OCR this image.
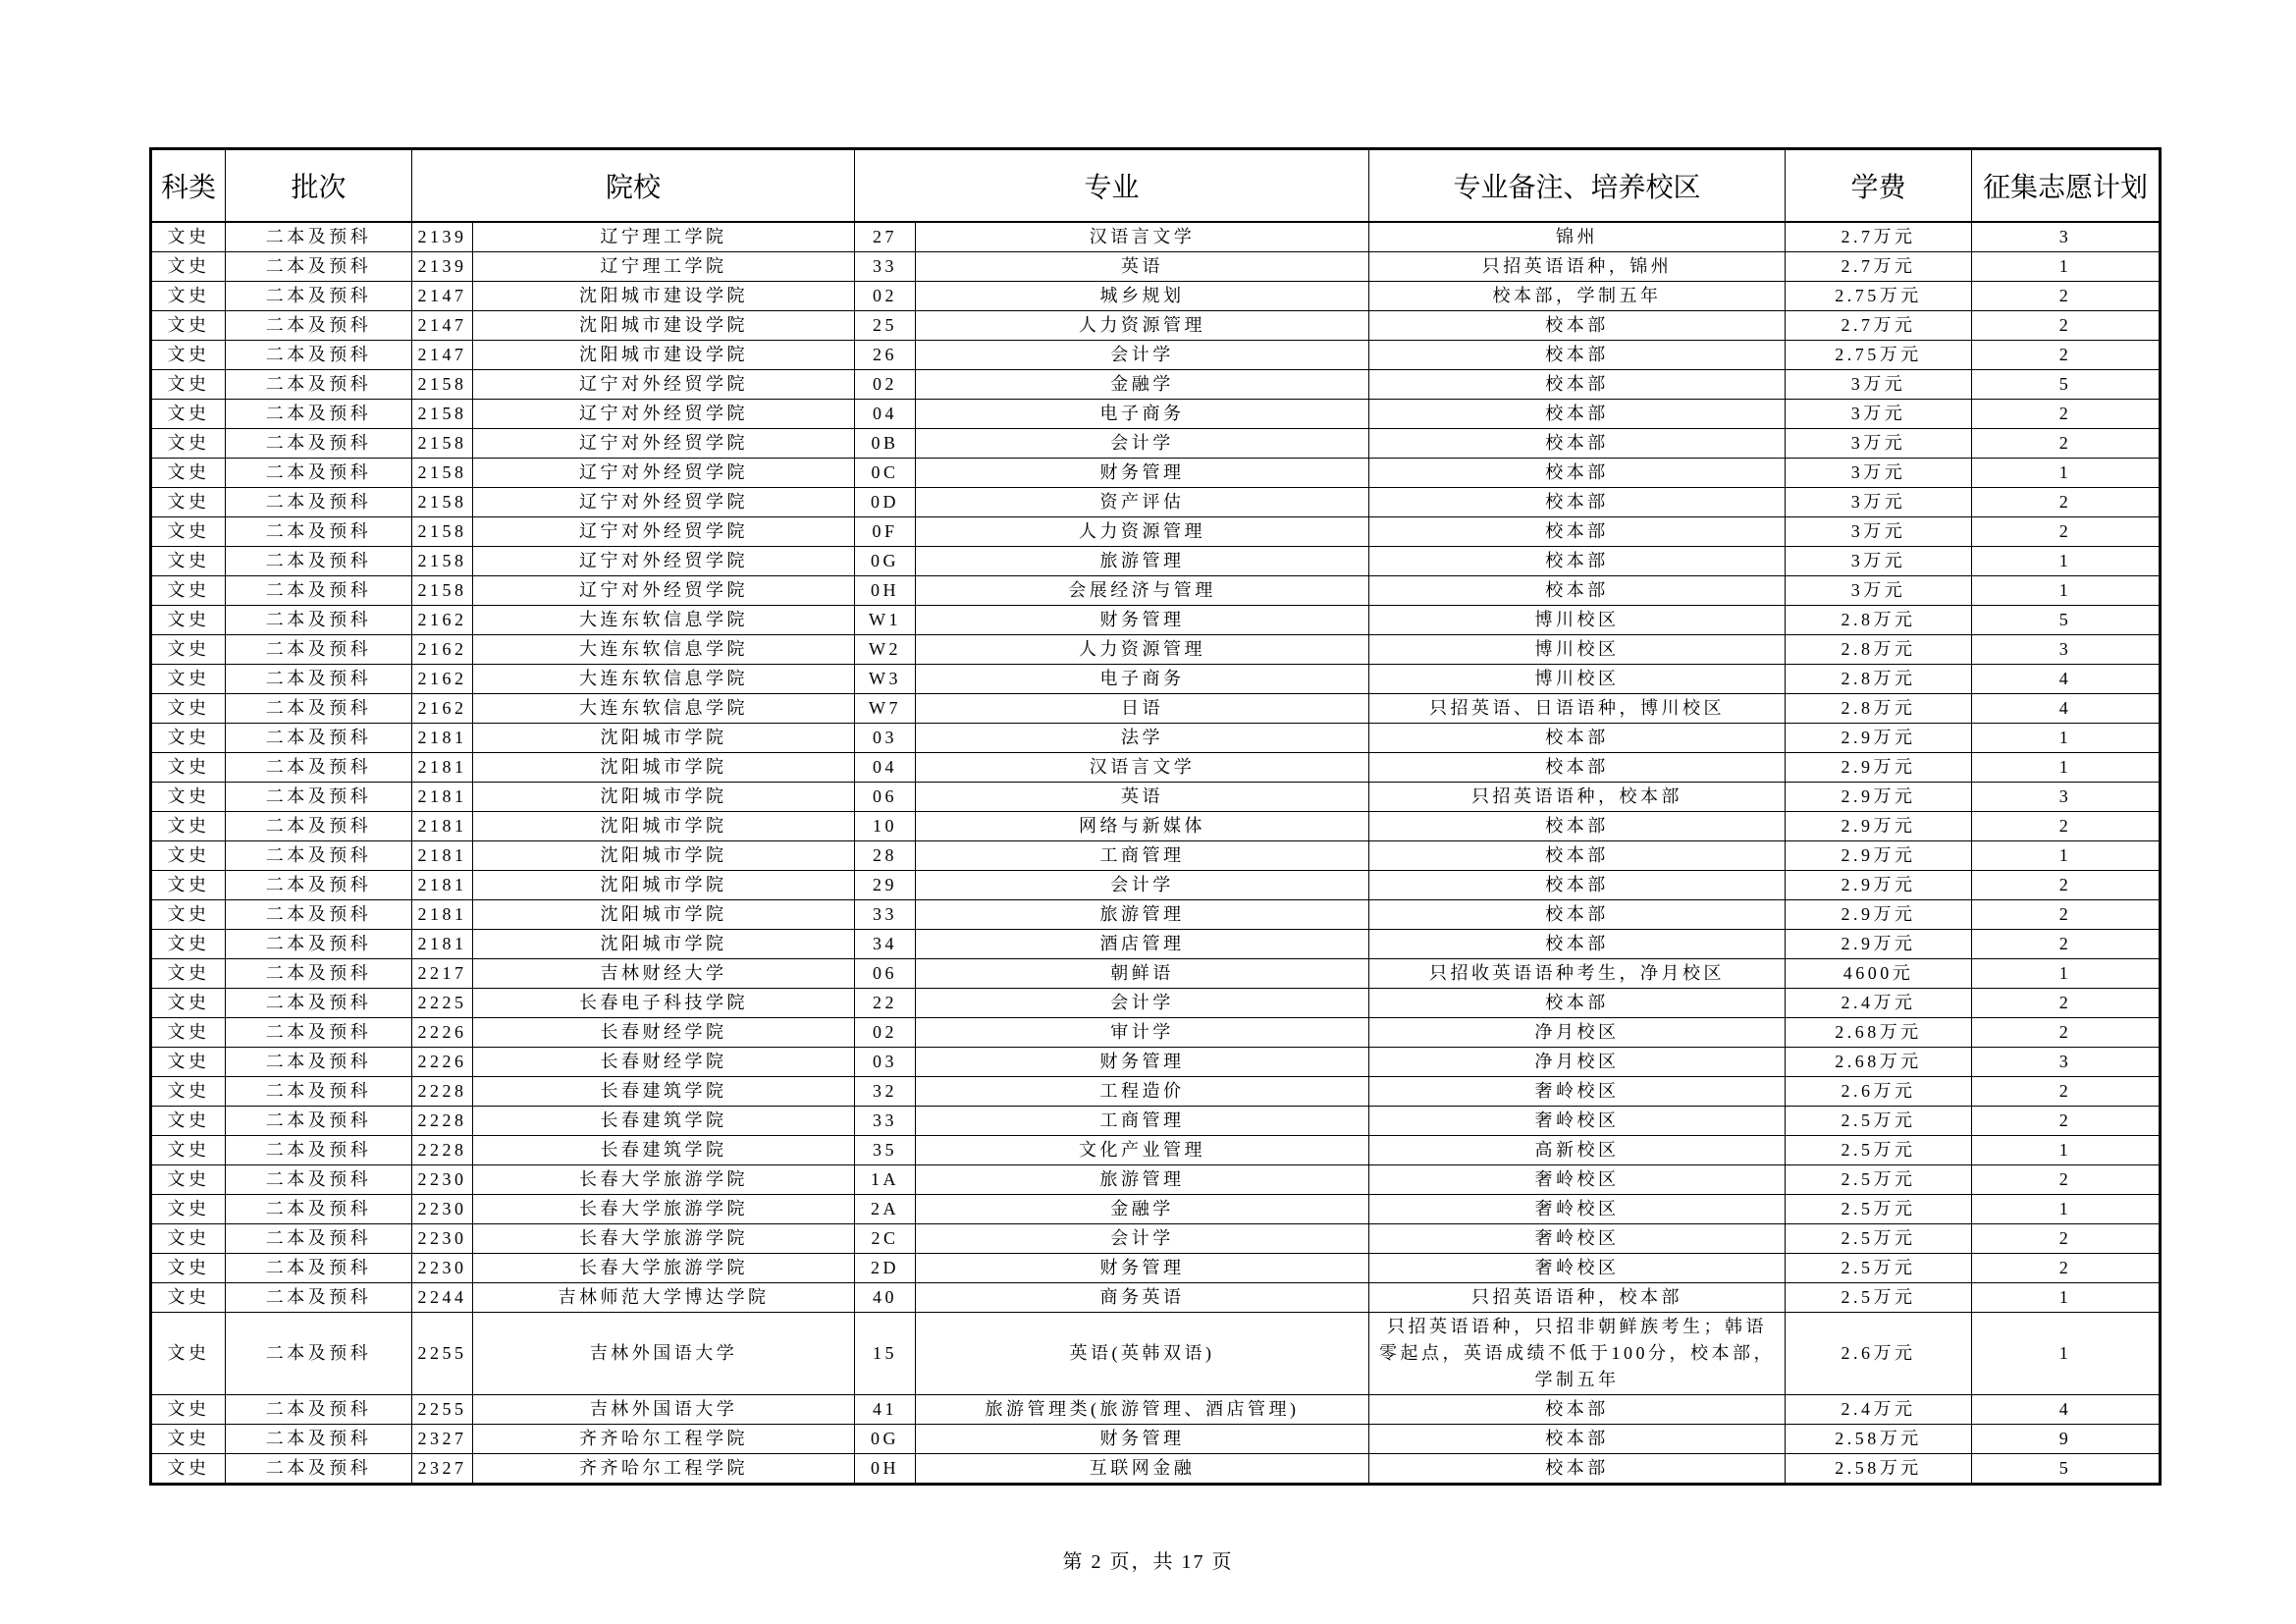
科类	批次	院校		专业		专业备注、培养校区	学费	征集志愿计划
文史	二本及预科	2139	辽宁理工学院	27	汉语言文学	锦州	2.7万元	3
文史	二本及预科	2139	辽宁理工学院	33	英语	只招英语语种，锦州	2.7万元	1
文史	二本及预科	2147	沈阳城市建设学院	02	城乡规划	校本部，学制五年	2.75万元	2
文史	二本及预科	2147	沈阳城市建设学院	25	人力资源管理	校本部	2.7万元	2
文史	二本及预科	2147	沈阳城市建设学院	26	会计学	校本部	2.75万元	2
文史	二本及预科	2158	辽宁对外经贸学院	02	金融学	校本部	3万元	5
文史	二本及预科	2158	辽宁对外经贸学院	04	电子商务	校本部	3万元	2
文史	二本及预科	2158	辽宁对外经贸学院	0B	会计学	校本部	3万元	2
文史	二本及预科	2158	辽宁对外经贸学院	0C	财务管理	校本部	3万元	1
文史	二本及预科	2158	辽宁对外经贸学院	0D	资产评估	校本部	3万元	2
文史	二本及预科	2158	辽宁对外经贸学院	0F	人力资源管理	校本部	3万元	2
文史	二本及预科	2158	辽宁对外经贸学院	0G	旅游管理	校本部	3万元	1
文史	二本及预科	2158	辽宁对外经贸学院	0H	会展经济与管理	校本部	3万元	1
文史	二本及预科	2162	大连东软信息学院	W1	财务管理	博川校区	2.8万元	5
文史	二本及预科	2162	大连东软信息学院	W2	人力资源管理	博川校区	2.8万元	3
文史	二本及预科	2162	大连东软信息学院	W3	电子商务	博川校区	2.8万元	4
文史	二本及预科	2162	大连东软信息学院	W7	日语	只招英语、日语语种，博川校区	2.8万元	4
文史	二本及预科	2181	沈阳城市学院	03	法学	校本部	2.9万元	1
文史	二本及预科	2181	沈阳城市学院	04	汉语言文学	校本部	2.9万元	1
文史	二本及预科	2181	沈阳城市学院	06	英语	只招英语语种，校本部	2.9万元	3
文史	二本及预科	2181	沈阳城市学院	10	网络与新媒体	校本部	2.9万元	2
文史	二本及预科	2181	沈阳城市学院	28	工商管理	校本部	2.9万元	1
文史	二本及预科	2181	沈阳城市学院	29	会计学	校本部	2.9万元	2
文史	二本及预科	2181	沈阳城市学院	33	旅游管理	校本部	2.9万元	2
文史	二本及预科	2181	沈阳城市学院	34	酒店管理	校本部	2.9万元	2
文史	二本及预科	2217	吉林财经大学	06	朝鲜语	只招收英语语种考生，净月校区	4600元	1
文史	二本及预科	2225	长春电子科技学院	22	会计学	校本部	2.4万元	2
文史	二本及预科	2226	长春财经学院	02	审计学	净月校区	2.68万元	2
文史	二本及预科	2226	长春财经学院	03	财务管理	净月校区	2.68万元	3
文史	二本及预科	2228	长春建筑学院	32	工程造价	奢岭校区	2.6万元	2
文史	二本及预科	2228	长春建筑学院	33	工商管理	奢岭校区	2.5万元	2
文史	二本及预科	2228	长春建筑学院	35	文化产业管理	高新校区	2.5万元	1
文史	二本及预科	2230	长春大学旅游学院	1A	旅游管理	奢岭校区	2.5万元	2
文史	二本及预科	2230	长春大学旅游学院	2A	金融学	奢岭校区	2.5万元	1
文史	二本及预科	2230	长春大学旅游学院	2C	会计学	奢岭校区	2.5万元	2
文史	二本及预科	2230	长春大学旅游学院	2D	财务管理	奢岭校区	2.5万元	2
文史	二本及预科	2244	吉林师范大学博达学院	40	商务英语	只招英语语种，校本部	2.5万元	1
文史	二本及预科	2255	吉林外国语大学	15	英语(英韩双语)	只招英语语种，只招非朝鲜族考生；韩语零起点，英语成绩不低于100分，校本部，学制五年	2.6万元	1
文史	二本及预科	2255	吉林外国语大学	41	旅游管理类(旅游管理、酒店管理)	校本部	2.4万元	4
文史	二本及预科	2327	齐齐哈尔工程学院	0G	财务管理	校本部	2.58万元	9
文史	二本及预科	2327	齐齐哈尔工程学院	0H	互联网金融	校本部	2.58万元	5
第 2 页，共 17 页
